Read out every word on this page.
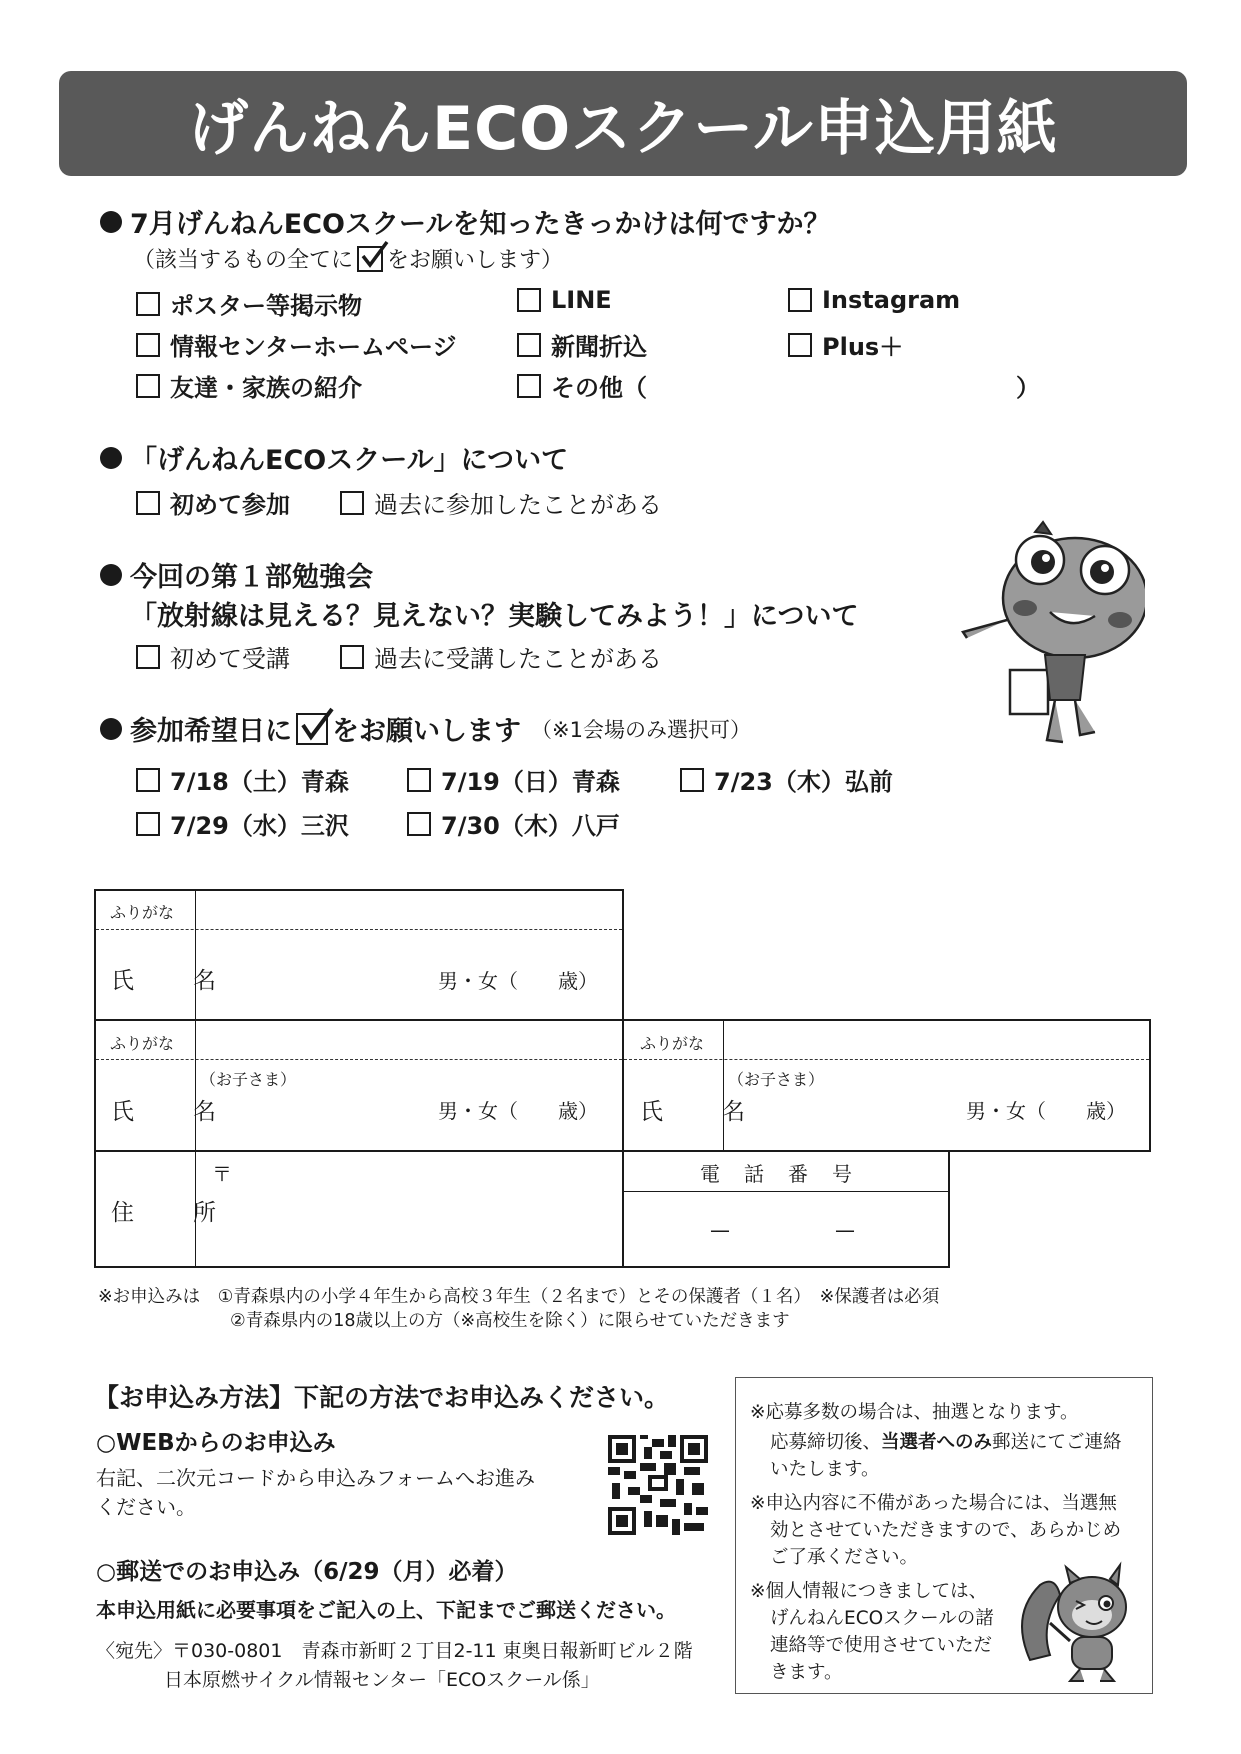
げんねんECOスクール申込用紙
7月げんねんECOスクールを知ったきっかけは何ですか？
（該当するもの全てに をお願いします）
ポスター等掲示物	LINE	Instagram
情報センターホームページ	新聞折込	Plus＋
友達・家族の紹介	その他（	）
「げんねんECOスクール」について
初めて参加	過去に参加したことがある
今回の第１部勉強会
「放射線は見える？見えない？実験してみよう！」について
初めて受講	過去に受講したことがある
参加希望日に をお願いします （※1会場のみ選択可）
7/18（土）青森	7/19（日）青森	7/23（木）弘前
7/29（水）三沢	7/30（木）八戸
ふりがな
氏　名	男・女（　　歳）
ふりがな
氏　名
（お子さま）
男・女（　　歳）
ふりがな
氏　名
（お子さま）
男・女（　　歳）
住　所
〒	電　話　番　号
—	—
※お申込みは　①青森県内の小学４年生から高校３年生（２名まで）とその保護者（１名）　※保護者は必須
②青森県内の18歳以上の方（※高校生を除く）に限らせていただきます
【お申込み方法】下記の方法でお申込みください。
○WEBからのお申込み
右記、二次元コードから申込みフォームへお進み
ください。
○郵送でのお申込み（6/29（月）必着）
本申込用紙に必要事項をご記入の上、下記までご郵送ください。
〈宛先〉〒030-0801　青森市新町２丁目2-11 東奥日報新町ビル２階
日本原燃サイクル情報センター「ECOスクール係」
※応募多数の場合は、抽選となります。
応募締切後、当選者へのみ郵送にてご連絡
いたします。
※申込内容に不備があった場合には、当選無
効とさせていただきますので、あらかじめ
ご了承ください。
※個人情報につきましては、
げんねんECOスクールの諸
連絡等で使用させていただ
きます。
